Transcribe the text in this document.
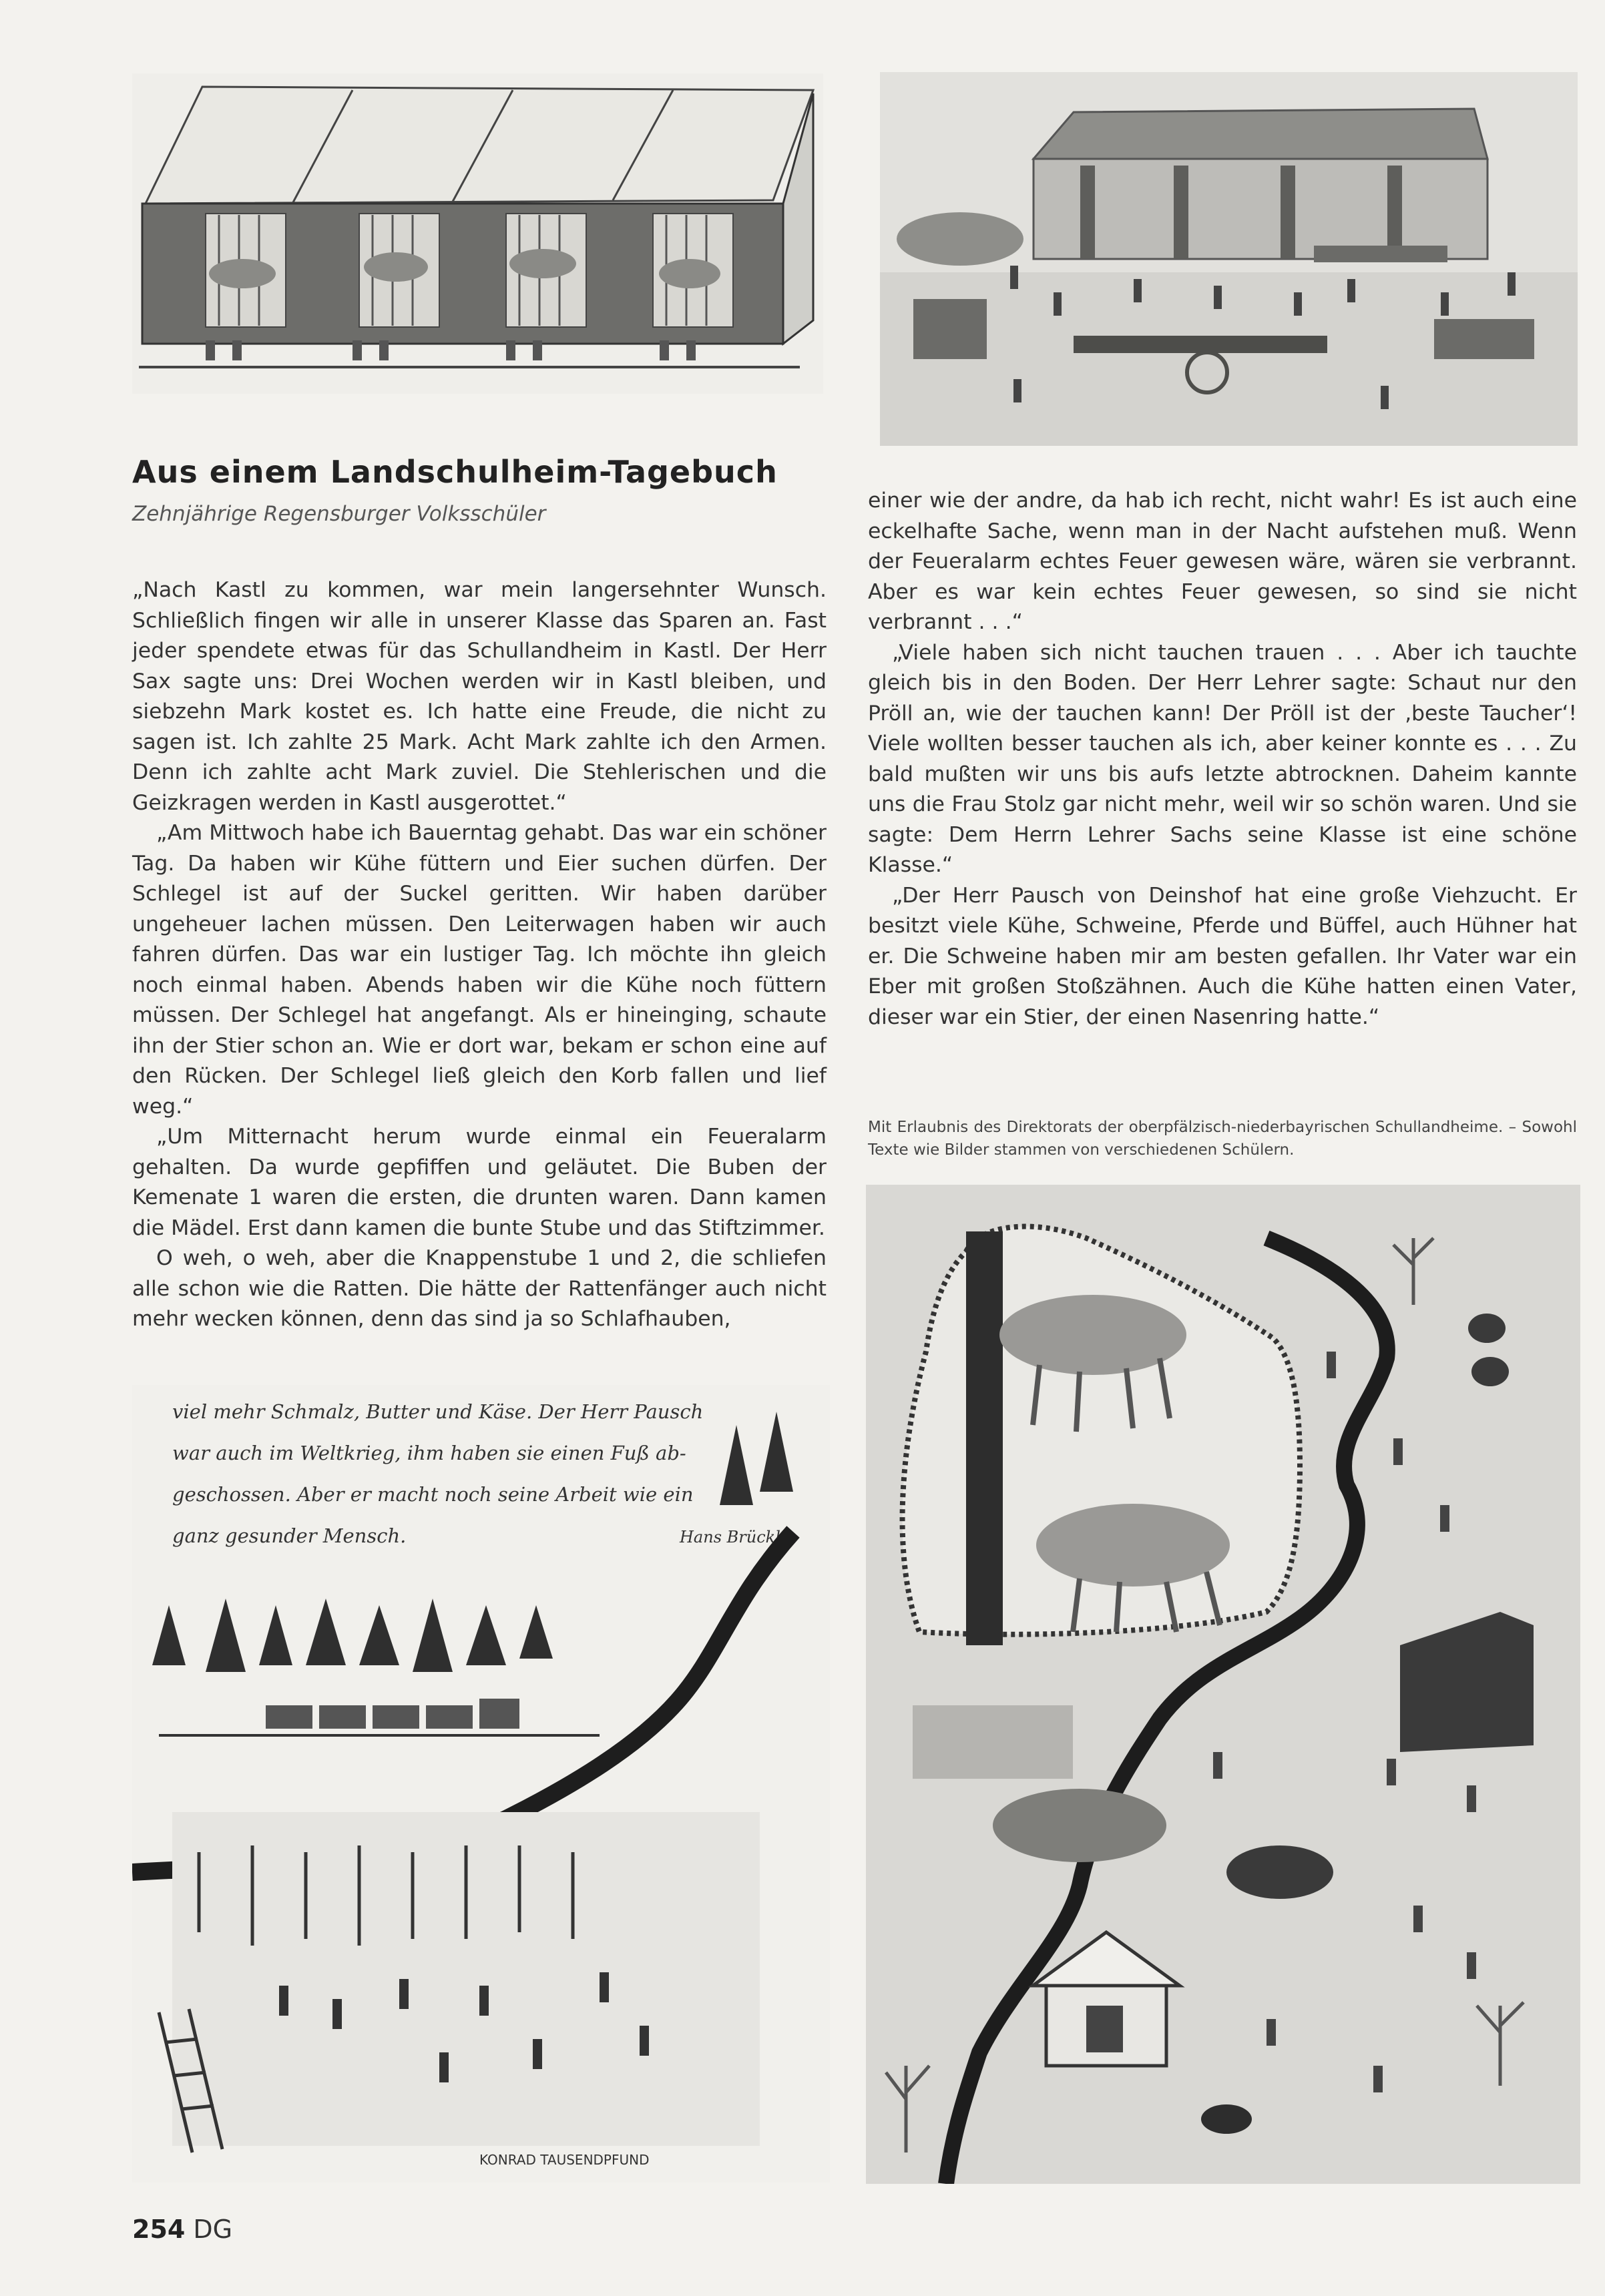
Aus einem Landschulheim-Tagebuch
Zehnjährige Regensburger Volksschüler

„Nach Kastl zu kommen, war mein langersehnter Wunsch. Schließlich fingen wir alle in unserer Klasse das Sparen an. Fast jeder spendete etwas für das Schullandheim in Kastl. Der Herr Sax sagte uns: Drei Wochen werden wir in Kastl bleiben, und siebzehn Mark kostet es. Ich hatte eine Freude, die nicht zu sagen ist. Ich zahlte 25 Mark. Acht Mark zahlte ich den Armen. Denn ich zahlte acht Mark zuviel. Die Stehlerischen und die Geizkragen werden in Kastl ausgerottet.“

„Am Mittwoch habe ich Bauerntag gehabt. Das war ein schöner Tag. Da haben wir Kühe füttern und Eier suchen dürfen. Der Schlegel ist auf der Suckel geritten. Wir haben darüber ungeheuer lachen müssen. Den Leiterwagen haben wir auch fahren dürfen. Das war ein lustiger Tag. Ich möchte ihn gleich noch einmal haben. Abends haben wir die Kühe noch füttern müssen. Der Schlegel hat angefangt. Als er hineinging, schaute ihn der Stier schon an. Wie er dort war, bekam er schon eine auf den Rücken. Der Schlegel ließ gleich den Korb fallen und lief weg.“

„Um Mitternacht herum wurde einmal ein Feueralarm gehalten. Da wurde gepfiffen und geläutet. Die Buben der Kemenate 1 waren die ersten, die drunten waren. Dann kamen die Mädel. Erst dann kamen die bunte Stube und das Stiftzimmer.

O weh, o weh, aber die Knappenstube 1 und 2, die schliefen alle schon wie die Ratten. Die hätte der Rattenfänger auch nicht mehr wecken können, denn das sind ja so Schlafhauben,

einer wie der andre, da hab ich recht, nicht wahr! Es ist auch eine eckelhafte Sache, wenn man in der Nacht aufstehen muß. Wenn der Feueralarm echtes Feuer gewesen wäre, wären sie verbrannt. Aber es war kein echtes Feuer gewesen, so sind sie nicht verbrannt . . .“

„Viele haben sich nicht tauchen trauen . . . Aber ich tauchte gleich bis in den Boden. Der Herr Lehrer sagte: Schaut nur den Pröll an, wie der tauchen kann! Der Pröll ist der ‚beste Taucher‘! Viele wollten besser tauchen als ich, aber keiner konnte es . . . Zu bald mußten wir uns bis aufs letzte abtrocknen. Daheim kannte uns die Frau Stolz gar nicht mehr, weil wir so schön waren. Und sie sagte: Dem Herrn Lehrer Sachs seine Klasse ist eine schöne Klasse.“

„Der Herr Pausch von Deinshof hat eine große Viehzucht. Er besitzt viele Kühe, Schweine, Pferde und Büffel, auch Hühner hat er. Die Schweine haben mir am besten gefallen. Ihr Vater war ein Eber mit großen Stoßzähnen. Auch die Kühe hatten einen Vater, dieser war ein Stier, der einen Nasenring hatte.“

Mit Erlaubnis des Direktorats der oberpfälzisch-niederbayrischen Schullandheime. – Sowohl Texte wie Bilder stammen von verschiedenen Schülern.
viel mehr Schmalz, Butter und Käse. Der Herr Pausch
war auch im Weltkrieg, ihm haben sie einen Fuß ab-
geschossen. Aber er macht noch seine Arbeit wie ein
ganz gesunder Mensch.	Hans Brückl.
KONRAD TAUSENDPFUND
254 DG
